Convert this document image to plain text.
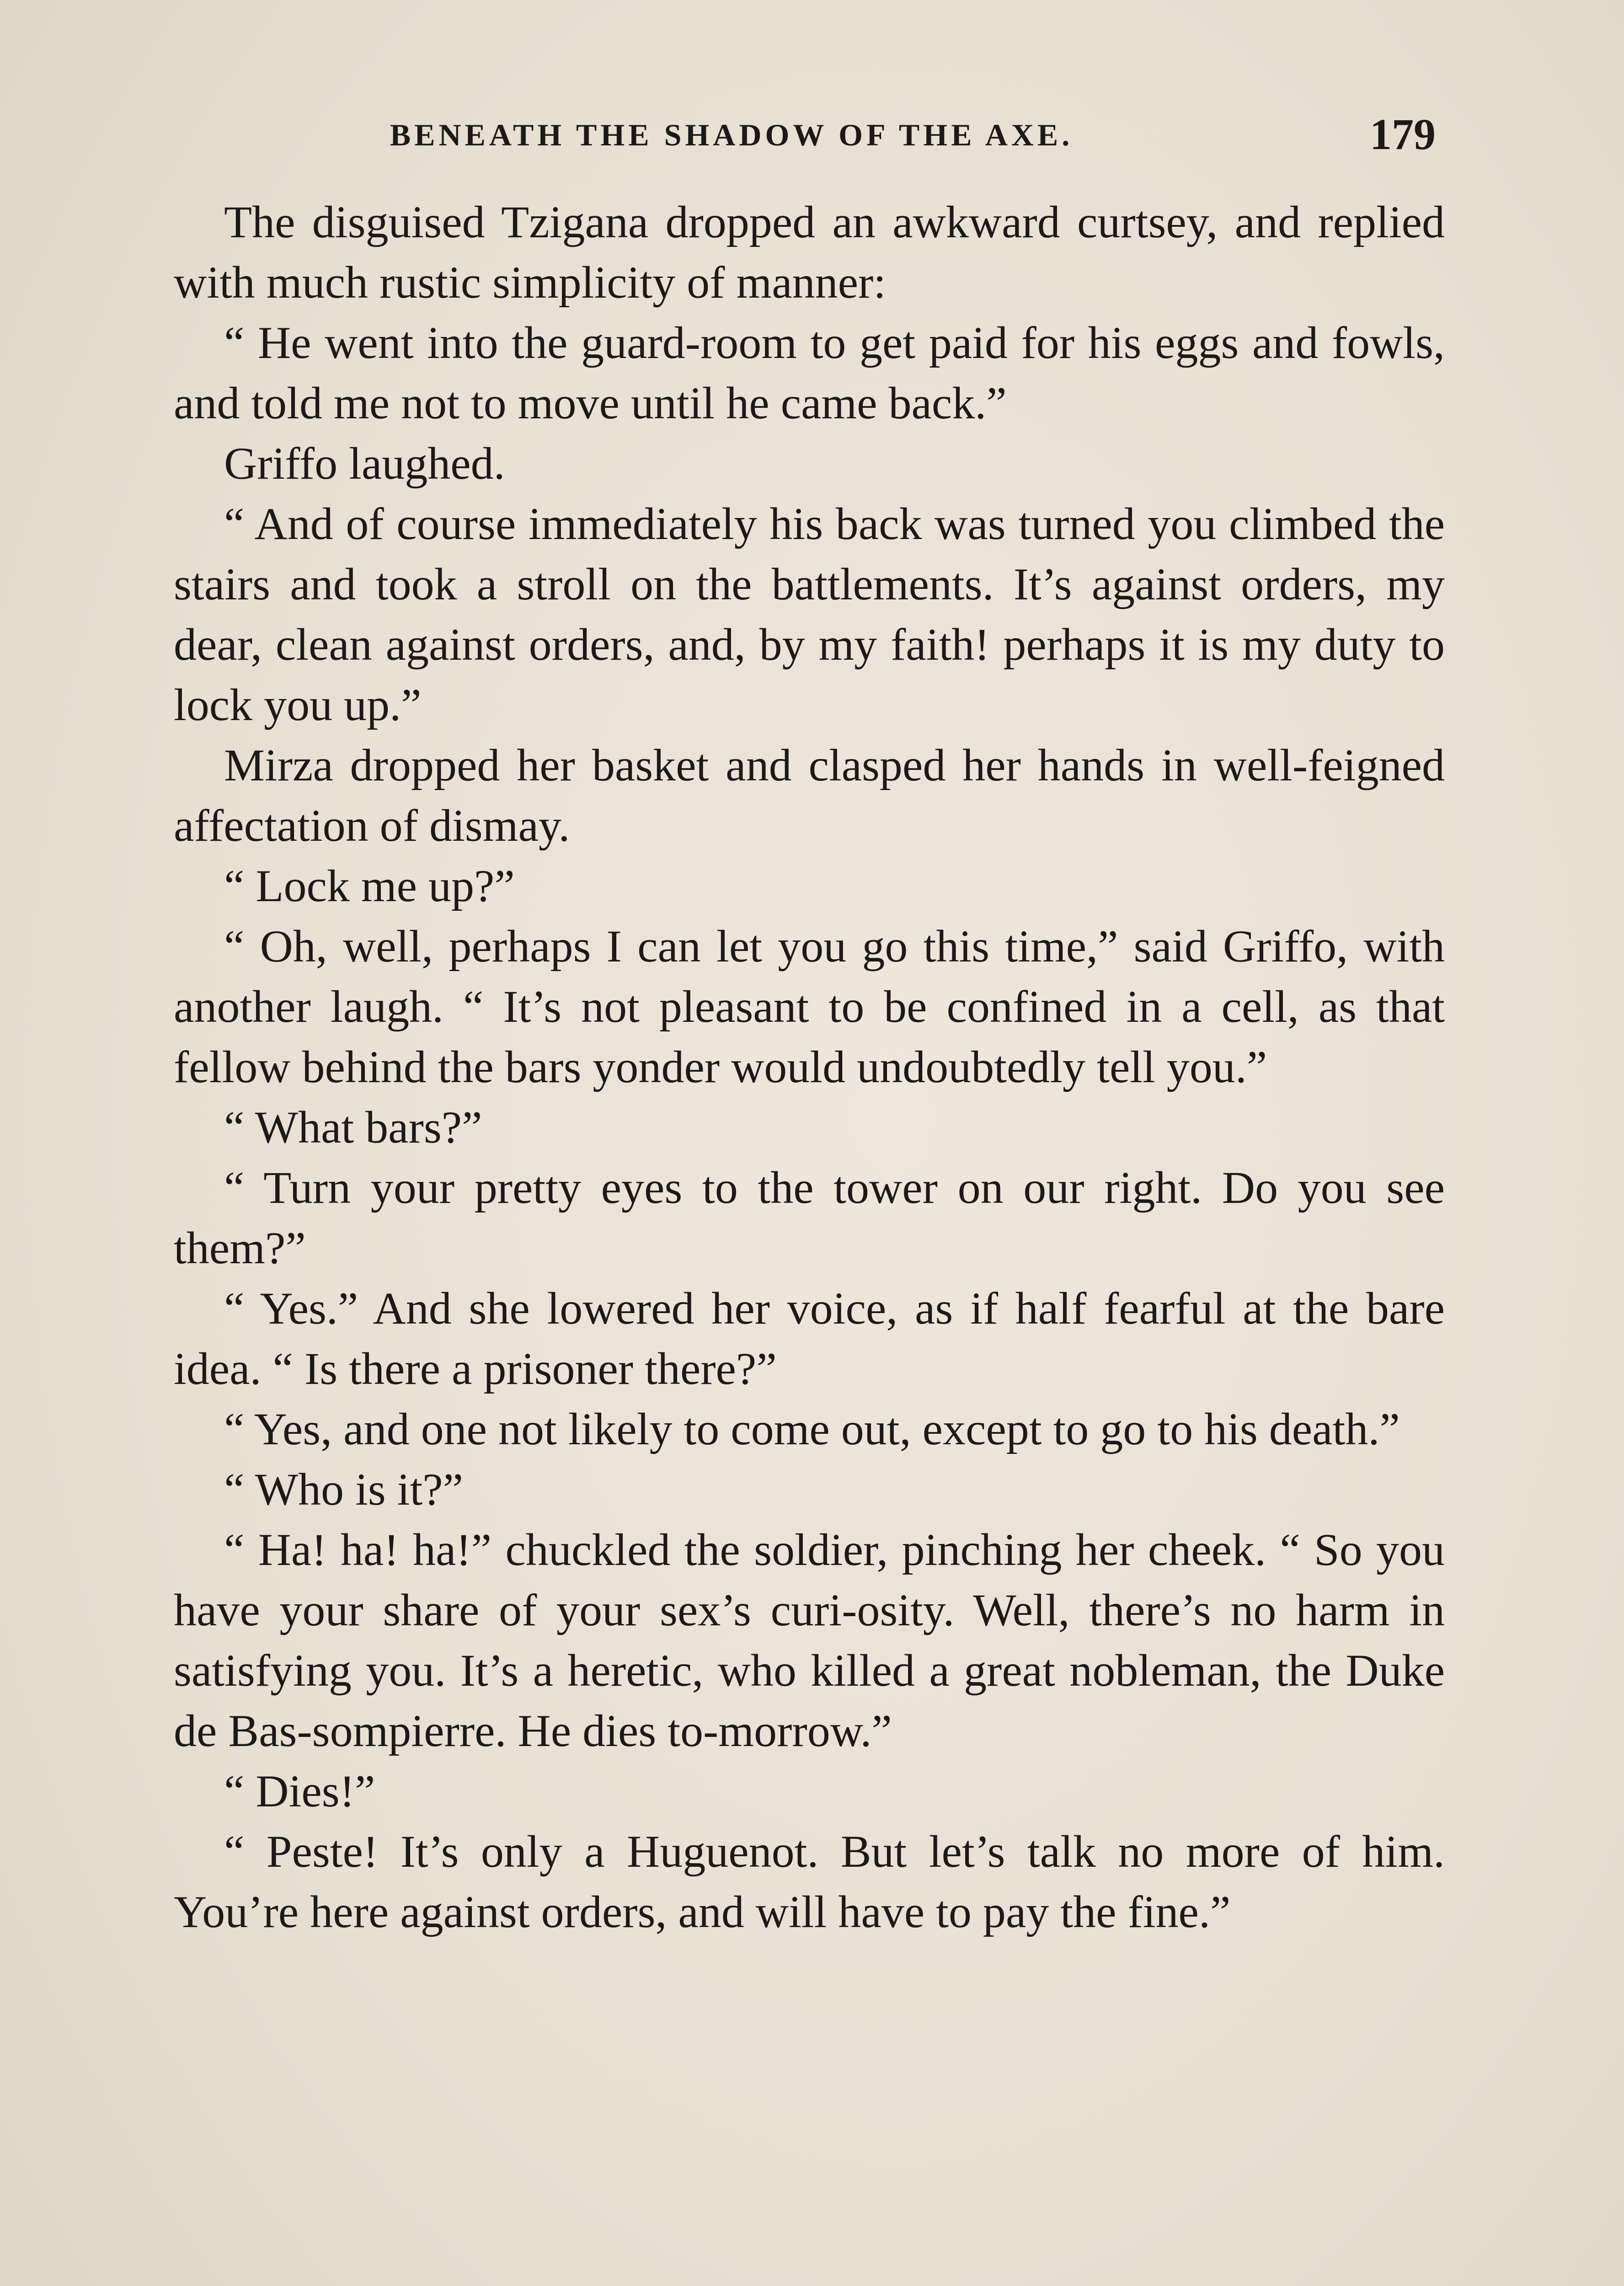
BENEATH THE SHADOW OF THE AXE.	179

The disguised Tzigana dropped an awkward curtsey, and replied with much rustic simplicity of manner:

“ He went into the guard-room to get paid for his eggs and fowls, and told me not to move until he came back.”

Griffo laughed.

“ And of course immediately his back was turned you climbed the stairs and took a stroll on the battlements. It’s against orders, my dear, clean against orders, and, by my faith! perhaps it is my duty to lock you up.”

Mirza dropped her basket and clasped her hands in well-feigned affectation of dismay.

“ Lock me up?”

“ Oh, well, perhaps I can let you go this time,” said Griffo, with another laugh. “ It’s not pleasant to be confined in a cell, as that fellow behind the bars yonder would undoubtedly tell you.”

“ What bars?”

“ Turn your pretty eyes to the tower on our right. Do you see them?”

“ Yes.” And she lowered her voice, as if half fearful at the bare idea. “ Is there a prisoner there?”

“ Yes, and one not likely to come out, except to go to his death.”

“ Who is it?”

“ Ha! ha! ha!” chuckled the soldier, pinching her cheek. “ So you have your share of your sex’s curi-osity. Well, there’s no harm in satisfying you. It’s a heretic, who killed a great nobleman, the Duke de Bas-sompierre. He dies to-morrow.”

“ Dies!”

“ Peste! It’s only a Huguenot. But let’s talk no more of him. You’re here against orders, and will have to pay the fine.”
